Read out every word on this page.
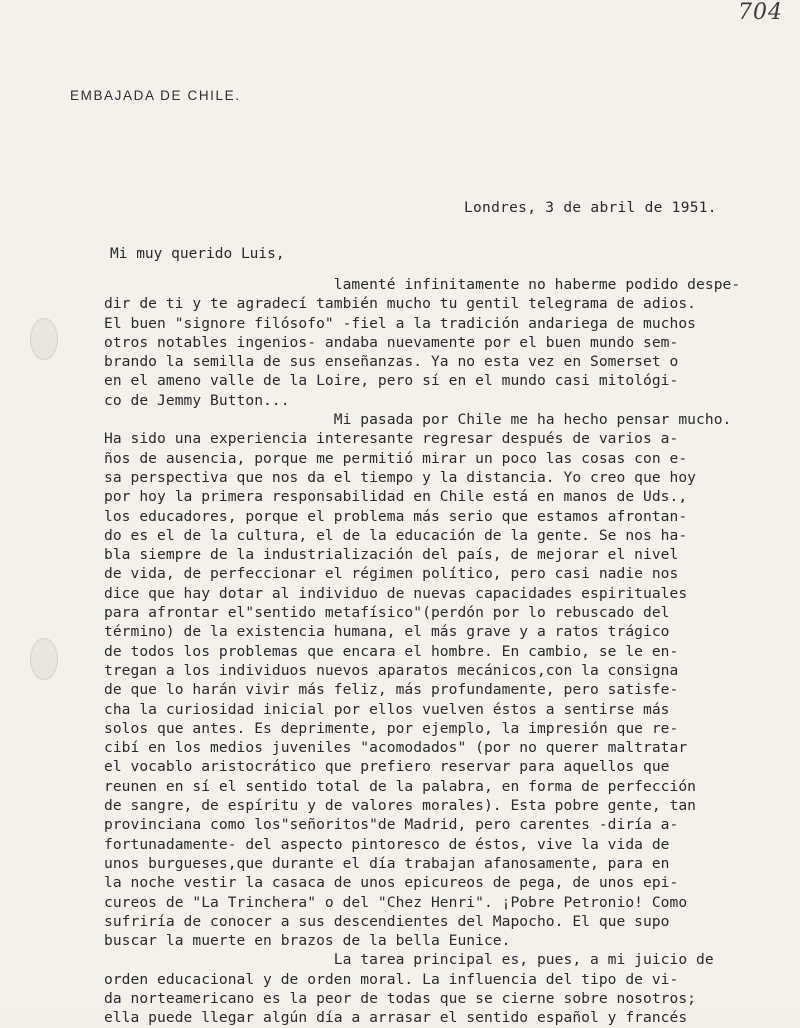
704
EMBAJADA DE CHILE.
Londres, 3 de abril de 1951.
Mi muy querido Luis,
lamenté infinitamente no haberme podido despe-
dir de ti y te agradecí también mucho tu gentil telegrama de adios.
El buen "signore filósofo" -fiel a la tradición andariega de muchos
otros notables ingenios- andaba nuevamente por el buen mundo sem-
brando la semilla de sus enseñanzas. Ya no esta vez en Somerset o
en el ameno valle de la Loire, pero sí en el mundo casi mitológi-
co de Jemmy Button...
Mi pasada por Chile me ha hecho pensar mucho.
Ha sido una experiencia interesante regresar después de varios a-
ños de ausencia, porque me permitió mirar un poco las cosas con e-
sa perspectiva que nos da el tiempo y la distancia. Yo creo que hoy
por hoy la primera responsabilidad en Chile está en manos de Uds.,
los educadores, porque el problema más serio que estamos afrontan-
do es el de la cultura, el de la educación de la gente. Se nos ha-
bla siempre de la industrialización del país, de mejorar el nivel
de vida, de perfeccionar el régimen político, pero casi nadie nos
dice que hay dotar al individuo de nuevas capacidades espirituales
para afrontar el"sentido metafísico"(perdón por lo rebuscado del
término) de la existencia humana, el más grave y a ratos trágico
de todos los problemas que encara el hombre. En cambio, se le en-
tregan a los individuos nuevos aparatos mecánicos,con la consigna
de que lo harán vivir más feliz, más profundamente, pero satisfe-
cha la curiosidad inicial por ellos vuelven éstos a sentirse más
solos que antes. Es deprimente, por ejemplo, la impresión que re-
cibí en los medios juveniles "acomodados" (por no querer maltratar
el vocablo aristocrático que prefiero reservar para aquellos que
reunen en sí el sentido total de la palabra, en forma de perfección
de sangre, de espíritu y de valores morales). Esta pobre gente, tan
provinciana como los"señoritos"de Madrid, pero carentes -diría a-
fortunadamente- del aspecto pintoresco de éstos, vive la vida de
unos burgueses,que durante el día trabajan afanosamente, para en
la noche vestir la casaca de unos epicureos de pega, de unos epi-
cureos de "La Trinchera" o del "Chez Henri". ¡Pobre Petronio! Como
sufriría de conocer a sus descendientes del Mapocho. El que supo
buscar la muerte en brazos de la bella Eunice.
La tarea principal es, pues, a mi juicio de
orden educacional y de orden moral. La influencia del tipo de vi-
da norteamericano es la peor de todas que se cierne sobre nosotros;
ella puede llegar algún día a arrasar el sentido español y francés
